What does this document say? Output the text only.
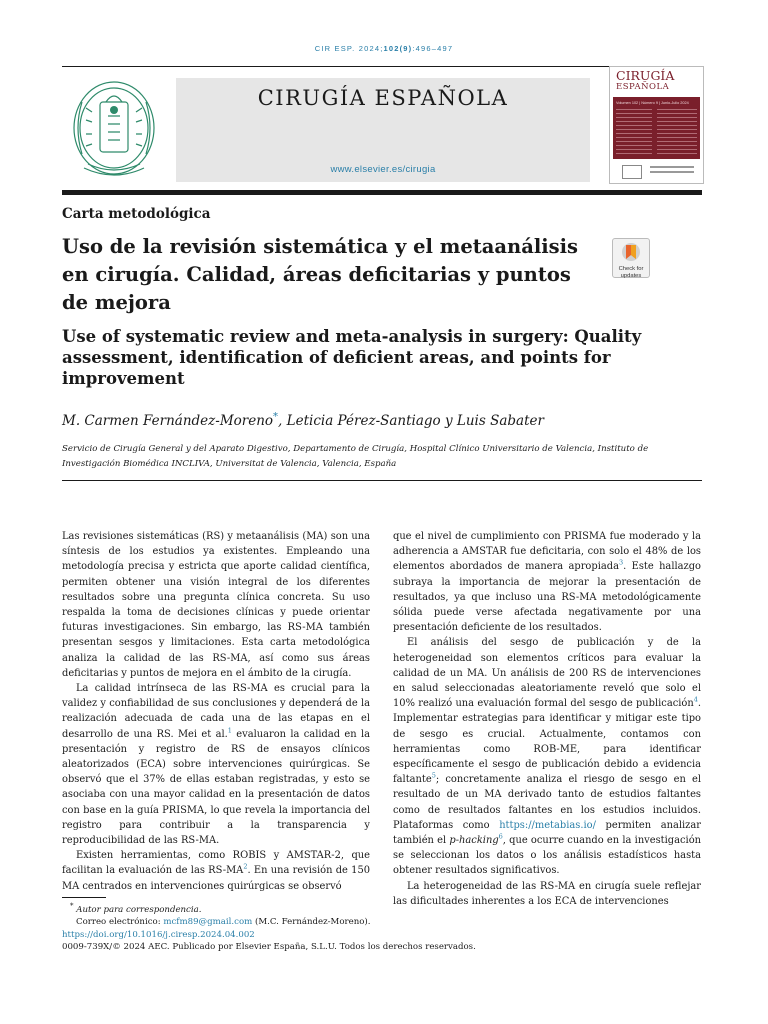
CIR ESP. 2024;102(9):496–497
CIRUGÍA ESPAÑOLA
www.elsevier.es/cirugia
CIRUGÍA
ESPAÑOLA
Volumen 102 | Número 9 | Junio-Julio 2024
Carta metodológica
Uso de la revisión sistemática y el metaanálisis en cirugía. Calidad, áreas deficitarias y puntos de mejora
Check for
updates
Use of systematic review and meta-analysis in surgery: Quality assessment, identification of deficient areas, and points for improvement
M. Carmen Fernández-Moreno*, Leticia Pérez-Santiago y Luis Sabater
Servicio de Cirugía General y del Aparato Digestivo, Departamento de Cirugía, Hospital Clínico Universitario de Valencia, Instituto de Investigación Biomédica INCLIVA, Universitat de Valencia, Valencia, España

Las revisiones sistemáticas (RS) y metaanálisis (MA) son una síntesis de los estudios ya existentes. Empleando una metodología precisa y estricta que aporte calidad científica, permiten obtener una visión integral de los diferentes resultados sobre una pregunta clínica concreta. Su uso respalda la toma de decisiones clínicas y puede orientar futuras investigaciones. Sin embargo, las RS-MA también presentan sesgos y limitaciones. Esta carta metodológica analiza la calidad de las RS-MA, así como sus áreas deficitarias y puntos de mejora en el ámbito de la cirugía.

La calidad intrínseca de las RS-MA es crucial para la validez y confiabilidad de sus conclusiones y dependerá de la realización adecuada de cada una de las etapas en el desarrollo de una RS. Mei et al.$^1$ evaluaron la calidad en la presentación y registro de RS de ensayos clínicos aleatorizados (ECA) sobre intervenciones quirúrgicas. Se observó que el 37% de ellas estaban registradas, y esto se asociaba con una mayor calidad en la presentación de datos con base en la guía PRISMA, lo que revela la importancia del registro para contribuir a la transparencia y reproducibilidad de las RS-MA.

Existen herramientas, como ROBIS y AMSTAR-2, que facilitan la evaluación de las $RS-MA^2$. En una revisión de 150 MA centrados en intervenciones quirúrgicas se observó

que el nivel de cumplimiento con PRISMA fue moderado y la adherencia a AMSTAR fue deficitaria, con solo el 48% de los elementos abordados de manera apropiada$^3$. Este hallazgo subraya la importancia de mejorar la presentación de resultados, ya que incluso una RS-MA metodológicamente sólida puede verse afectada negativamente por una presentación deficiente de los resultados.

El análisis del sesgo de publicación y de la heterogeneidad son elementos críticos para evaluar la calidad de un MA. Un análisis de 200 RS de intervenciones en salud seleccionadas aleatoriamente reveló que solo el 10% realizó una evaluación formal del sesgo de publicación$^4$. Implementar estrategias para identificar y mitigar este tipo de sesgo es crucial. Actualmente, contamos con herramientas como ROB-ME, para identificar específicamente el sesgo de publicación debido a evidencia faltante$^5$; concretamente analiza el riesgo de sesgo en el resultado de un MA derivado tanto de estudios faltantes como de resultados faltantes en los estudios incluidos. Plataformas como https://metabias.io/ permiten analizar también el p-hacking$^6$, que ocurre cuando en la investigación se seleccionan los datos o los análisis estadísticos hasta obtener resultados significativos.

La heterogeneidad de las RS-MA en cirugía suele reflejar las dificultades inherentes a los ECA de intervenciones

* Autor para correspondencia.
Correo electrónico: mcfm89@gmail.com (M.C. Fernández-Moreno).
https://doi.org/10.1016/j.ciresp.2024.04.002
0009-739X/© 2024 AEC. Publicado por Elsevier España, S.L.U. Todos los derechos reservados.
